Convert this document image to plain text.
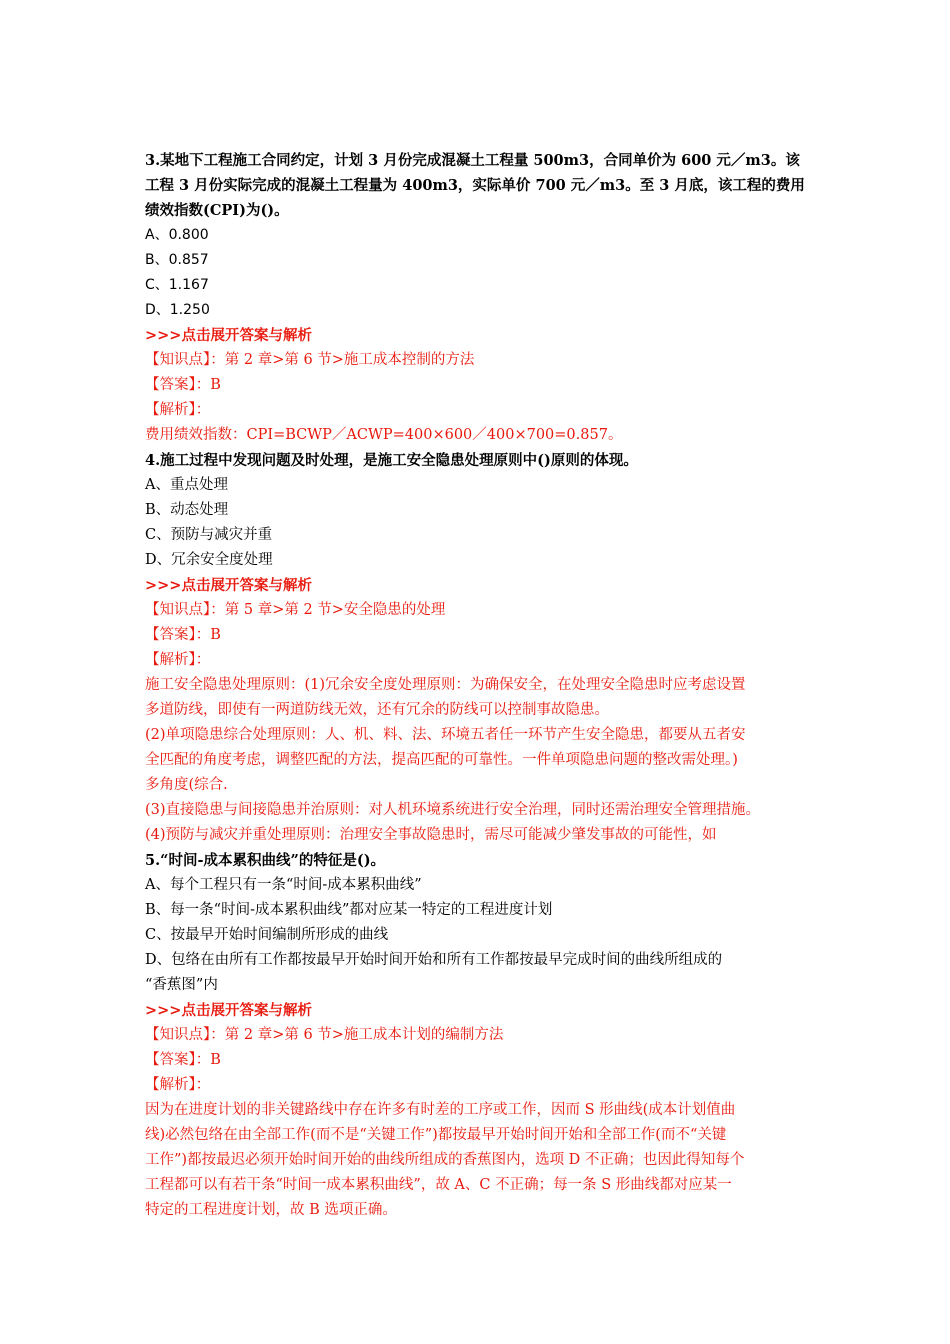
3.某地下工程施工合同约定，计划 3 月份完成混凝土工程量 500m3，合同单价为 600 元／m3。该
工程 3 月份实际完成的混凝土工程量为 400m3，实际单价 700 元／m3。至 3 月底，该工程的费用
绩效指数(CPI)为()。
A、0.800
B、0.857
C、1.167
D、1.250
>>>点击展开答案与解析
【知识点】：第 2 章>第 6 节>施工成本控制的方法
【答案】：B
【解析】：
费用绩效指数：CPI=BCWP／ACWP=400×600／400×700=0.857。
4.施工过程中发现问题及时处理，是施工安全隐患处理原则中()原则的体现。
A、重点处理
B、动态处理
C、预防与减灾并重
D、冗余安全度处理
>>>点击展开答案与解析
【知识点】：第 5 章>第 2 节>安全隐患的处理
【答案】：B
【解析】：
施工安全隐患处理原则：(1)冗余安全度处理原则：为确保安全，在处理安全隐患时应考虑设置
多道防线，即使有一两道防线无效，还有冗余的防线可以控制事故隐患。
(2)单项隐患综合处理原则：人、机、料、法、环境五者任一环节产生安全隐患，都要从五者安
全匹配的角度考虑，调整匹配的方法，提高匹配的可靠性。一件单项隐患问题的整改需处理。)
多角度(综合.
(3)直接隐患与间接隐患并治原则：对人机环境系统进行安全治理，同时还需治理安全管理措施。
(4)预防与减灾并重处理原则：治理安全事故隐患时，需尽可能减少肇发事故的可能性，如
5.“时间-成本累积曲线”的特征是()。
A、每个工程只有一条“时间-成本累积曲线”
B、每一条“时间-成本累积曲线”都对应某一特定的工程进度计划
C、按最早开始时间编制所形成的曲线
D、包络在由所有工作都按最早开始时间开始和所有工作都按最早完成时间的曲线所组成的
“香蕉图”内
>>>点击展开答案与解析
【知识点】：第 2 章>第 6 节>施工成本计划的编制方法
【答案】：B
【解析】：
因为在进度计划的非关键路线中存在许多有时差的工序或工作，因而 S 形曲线(成本计划值曲
线)必然包络在由全部工作(而不是“关键工作”)都按最早开始时间开始和全部工作(而不“关键
工作”)都按最迟必须开始时间开始的曲线所组成的香蕉图内，选项 D 不正确；也因此得知每个
工程都可以有若干条“时间一成本累积曲线”，故 A、C 不正确；每一条 S 形曲线都对应某一
特定的工程进度计划，故 B 选项正确。
